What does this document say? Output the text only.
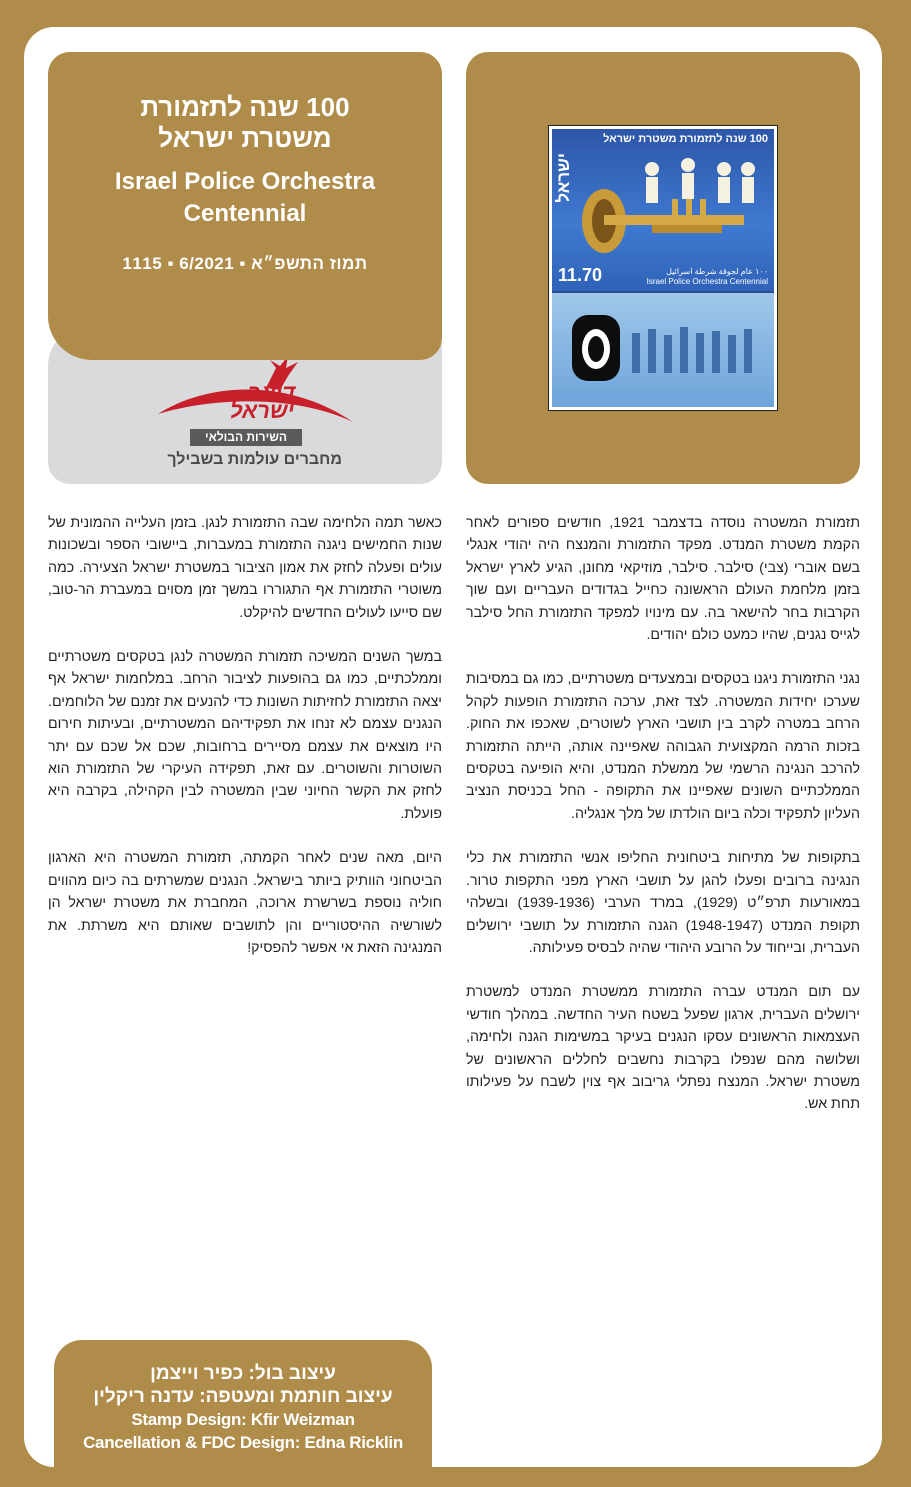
דואר
ישראל
השירות הבולאי
מחברים עולמות בשבילך
100 שנה לתזמורת
משטרת ישראל
Israel Police Orchestra
Centennial
תמוז התשפ״א ▪ 6/2021 ▪ 1115
100 שנה לתזמורת משטרת ישראל
ישראל
11.70	١٠٠ عام لجوقة شرطة اسرائيل
Israel Police Orchestra Centennial

תזמורת המשטרה נוסדה בדצמבר 1921, חודשים ספורים לאחר הקמת משטרת המנדט. מפקד התזמורת והמנצח היה יהודי אנגלי בשם אוברי (צבי) סילבר. סילבר, מוזיקאי מחונן, הגיע לארץ ישראל בזמן מלחמת העולם הראשונה כחייל בגדודים העבריים ועם שוך הקרבות בחר להישאר בה. עם מינויו למפקד התזמורת החל סילבר לגייס נגנים, שהיו כמעט כולם יהודים.

נגני התזמורת ניגנו בטקסים ובמצעדים משטרתיים, כמו גם במסיבות שערכו יחידות המשטרה. לצד זאת, ערכה התזמורת הופעות לקהל הרחב במטרה לקרב בין תושבי הארץ לשוטרים, שאכפו את החוק. בזכות הרמה המקצועית הגבוהה שאפיינה אותה, הייתה התזמורת להרכב הנגינה הרשמי של ממשלת המנדט, והיא הופיעה בטקסים הממלכתיים השונים שאפיינו את התקופה - החל בכניסת הנציב העליון לתפקיד וכלה ביום הולדתו של מלך אנגליה.

בתקופות של מתיחות ביטחונית החליפו אנשי התזמורת את כלי הנגינה ברובים ופעלו להגן על תושבי הארץ מפני התקפות טרור. במאורעות תרפ״ט (1929), במרד הערבי (1939-1936) ובשלהי תקופת המנדט (1948-1947) הגנה התזמורת על תושבי ירושלים העברית, ובייחוד על הרובע היהודי שהיה לבסיס פעילותה.

עם תום המנדט עברה התזמורת ממשטרת המנדט למשטרת ירושלים העברית, ארגון שפעל בשטח העיר החדשה. במהלך חודשי העצמאות הראשונים עסקו הנגנים בעיקר במשימות הגנה ולחימה, ושלושה מהם שנפלו בקרבות נחשבים לחללים הראשונים של משטרת ישראל. המנצח נפתלי גריבוב אף צוין לשבח על פעילותו תחת אש.

כאשר תמה הלחימה שבה התזמורת לנגן. בזמן העלייה ההמונית של שנות החמישים ניגנה התזמורת במעברות, ביישובי הספר ובשכונות עולים ופעלה לחזק את אמון הציבור במשטרת ישראל הצעירה. כמה משוטרי התזמורת אף התגוררו במשך זמן מסוים במעברת הר-טוב, שם סייעו לעולים החדשים להיקלט.

במשך השנים המשיכה תזמורת המשטרה לנגן בטקסים משטרתיים וממלכתיים, כמו גם בהופעות לציבור הרחב. במלחמות ישראל אף יצאה התזמורת לחזיתות השונות כדי להנעים את זמנם של הלוחמים. הנגנים עצמם לא זנחו את תפקידיהם המשטרתיים, ובעיתות חירום היו מוצאים את עצמם מסיירים ברחובות, שכם אל שכם עם יתר השוטרות והשוטרים. עם זאת, תפקידה העיקרי של התזמורת הוא לחזק את הקשר החיוני שבין המשטרה לבין הקהילה, בקרבה היא פועלת.

היום, מאה שנים לאחר הקמתה, תזמורת המשטרה היא הארגון הביטחוני הוותיק ביותר בישראל. הנגנים שמשרתים בה כיום מהווים חוליה נוספת בשרשרת ארוכה, המחברת את משטרת ישראל הן לשורשיה ההיסטוריים והן לתושבים שאותם היא משרתת. את המנגינה הזאת אי אפשר להפסיק!

עיצוב בול: כפיר וייצמן
עיצוב חותמת ומעטפה: עדנה ריקלין
Stamp Design: Kfir Weizman
Cancellation & FDC Design: Edna Ricklin
